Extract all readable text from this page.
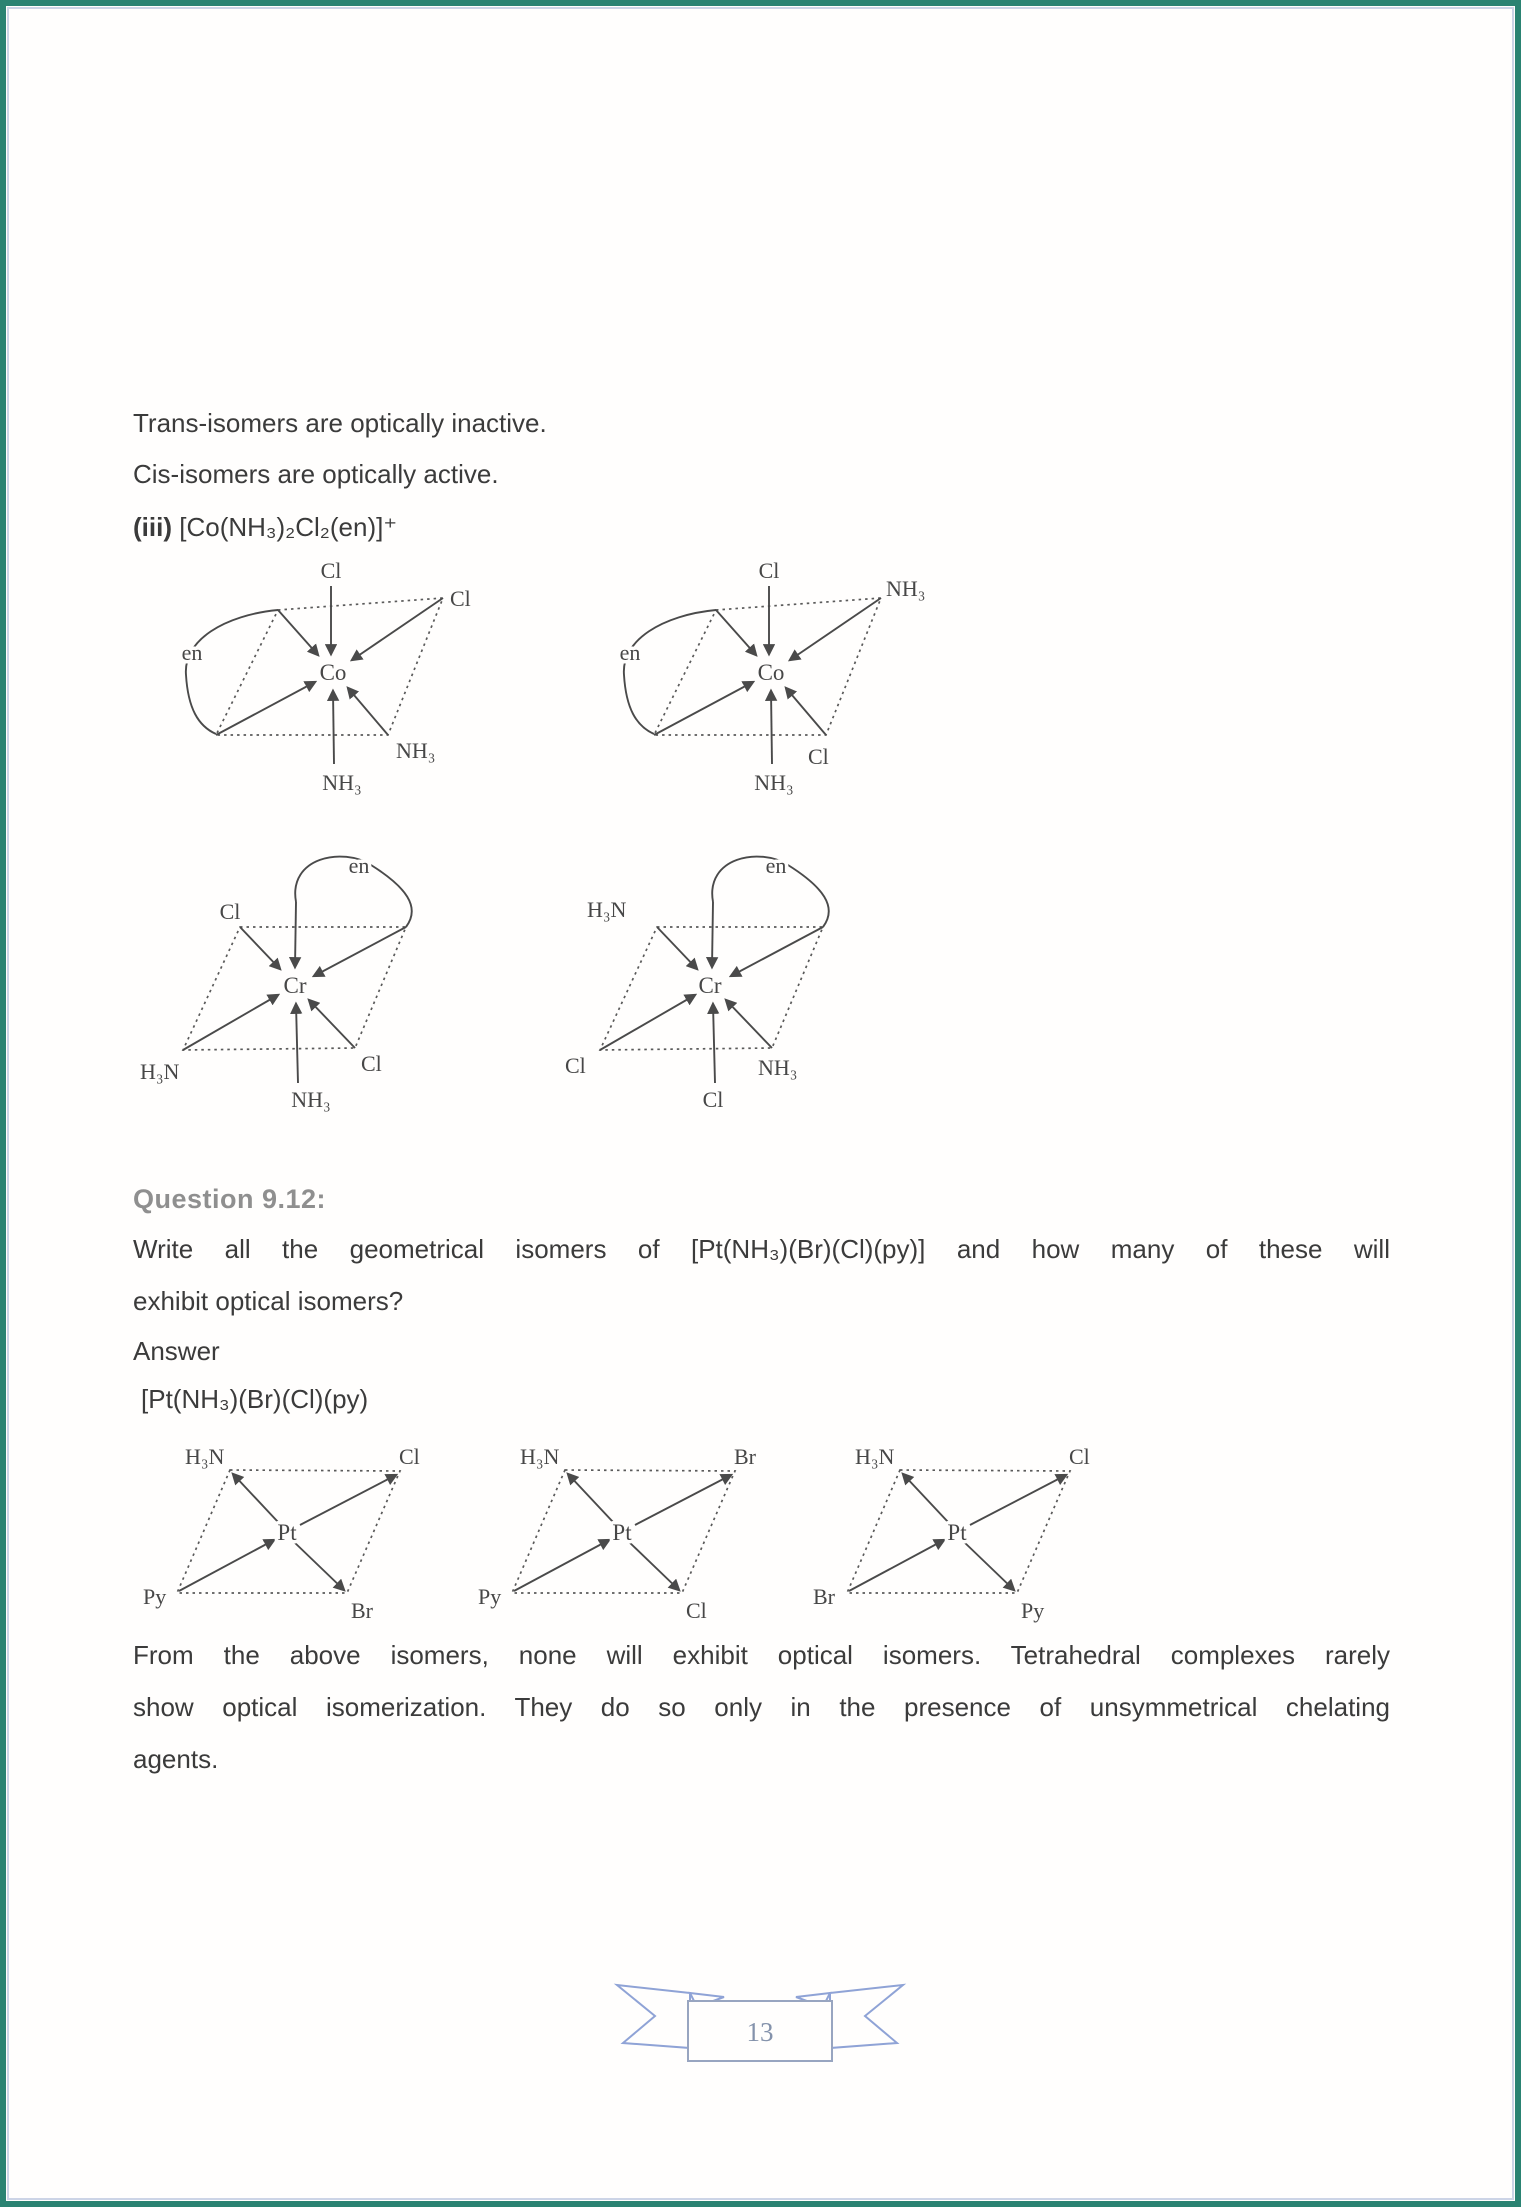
Trans-isomers are optically inactive.
Cis-isomers are optically active.
(iii) [Co(NH₃)₂Cl₂(en)]⁺
Cl
Cl
NH₃
NH₃
en
Co
Cl
NH₃
Cl
NH₃
en
Co
Cl
H₃N	Cl
NH₃
en
Cr
H₃N
Cl	NH₃
Cl
en
Cr
Question 9.12:
Write all the geometrical isomers of [Pt(NH₃)(Br)(Cl)(py)] and how many of these will
exhibit optical isomers?
Answer
[Pt(NH₃)(Br)(Cl)(py)
H₃N	Cl
Py
Br
Pt
H₃N	Br
Py
Cl
Pt
H₃N	Cl
Br
Py
Pt
From the above isomers, none will exhibit optical isomers. Tetrahedral complexes rarely
show optical isomerization. They do so only in the presence of unsymmetrical chelating
agents.
13
